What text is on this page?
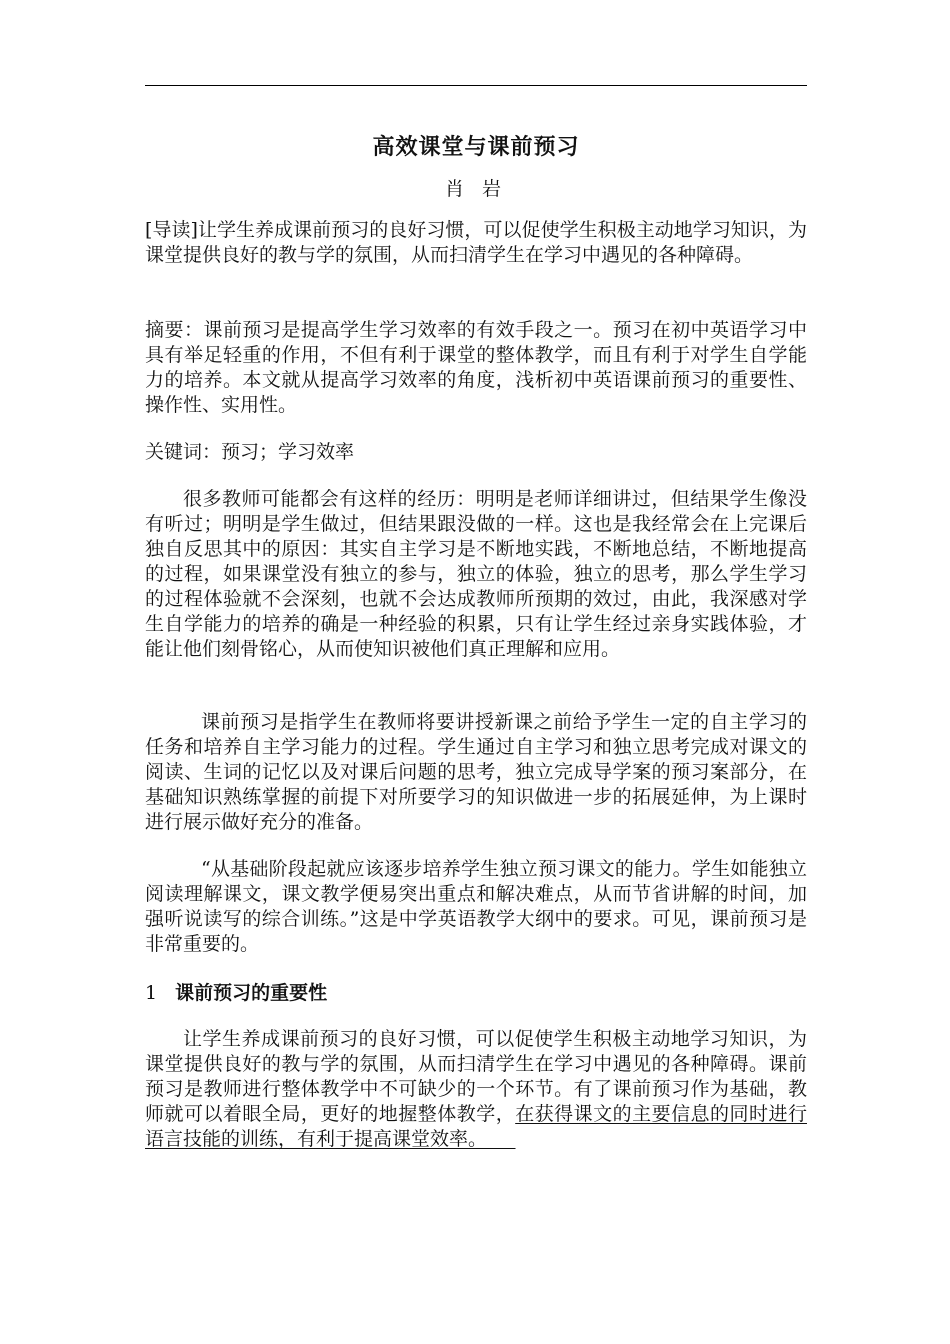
高效课堂与课前预习
肖 岩

[导读]让学生养成课前预习的良好习惯，可以促使学生积极主动地学习知识，为课堂提供良好的教与学的氛围，从而扫清学生在学习中遇见的各种障碍。

摘要：课前预习是提高学生学习效率的有效手段之一。预习在初中英语学习中具有举足轻重的作用，不但有利于课堂的整体教学，而且有利于对学生自学能力的培养。本文就从提高学习效率的角度，浅析初中英语课前预习的重要性、操作性、实用性。

关键词：预习；学习效率

很多教师可能都会有这样的经历：明明是老师详细讲过，但结果学生像没有听过；明明是学生做过，但结果跟没做的一样。这也是我经常会在上完课后独自反思其中的原因：其实自主学习是不断地实践，不断地总结，不断地提高的过程，如果课堂没有独立的参与，独立的体验，独立的思考，那么学生学习的过程体验就不会深刻，也就不会达成教师所预期的效过，由此，我深感对学生自学能力的培养的确是一种经验的积累，只有让学生经过亲身实践体验，才能让他们刻骨铭心，从而使知识被他们真正理解和应用。

课前预习是指学生在教师将要讲授新课之前给予学生一定的自主学习的任务和培养自主学习能力的过程。学生通过自主学习和独立思考完成对课文的阅读、生词的记忆以及对课后问题的思考，独立完成导学案的预习案部分，在基础知识熟练掌握的前提下对所要学习的知识做进一步的拓展延伸，为上课时进行展示做好充分的准备。

“从基础阶段起就应该逐步培养学生独立预习课文的能力。学生如能独立阅读理解课文，课文教学便易突出重点和解决难点，从而节省讲解的时间，加强听说读写的综合训练。”这是中学英语教学大纲中的要求。可见，课前预习是非常重要的。

1 课前预习的重要性

让学生养成课前预习的良好习惯，可以促使学生积极主动地学习知识，为课堂提供良好的教与学的氛围，从而扫清学生在学习中遇见的各种障碍。课前预习是教师进行整体教学中不可缺少的一个环节。有了课前预习作为基础，教师就可以着眼全局，更好的地握整体教学，在获得课文的主要信息的同时进行语言技能的训练，有利于提高课堂效率。　　
